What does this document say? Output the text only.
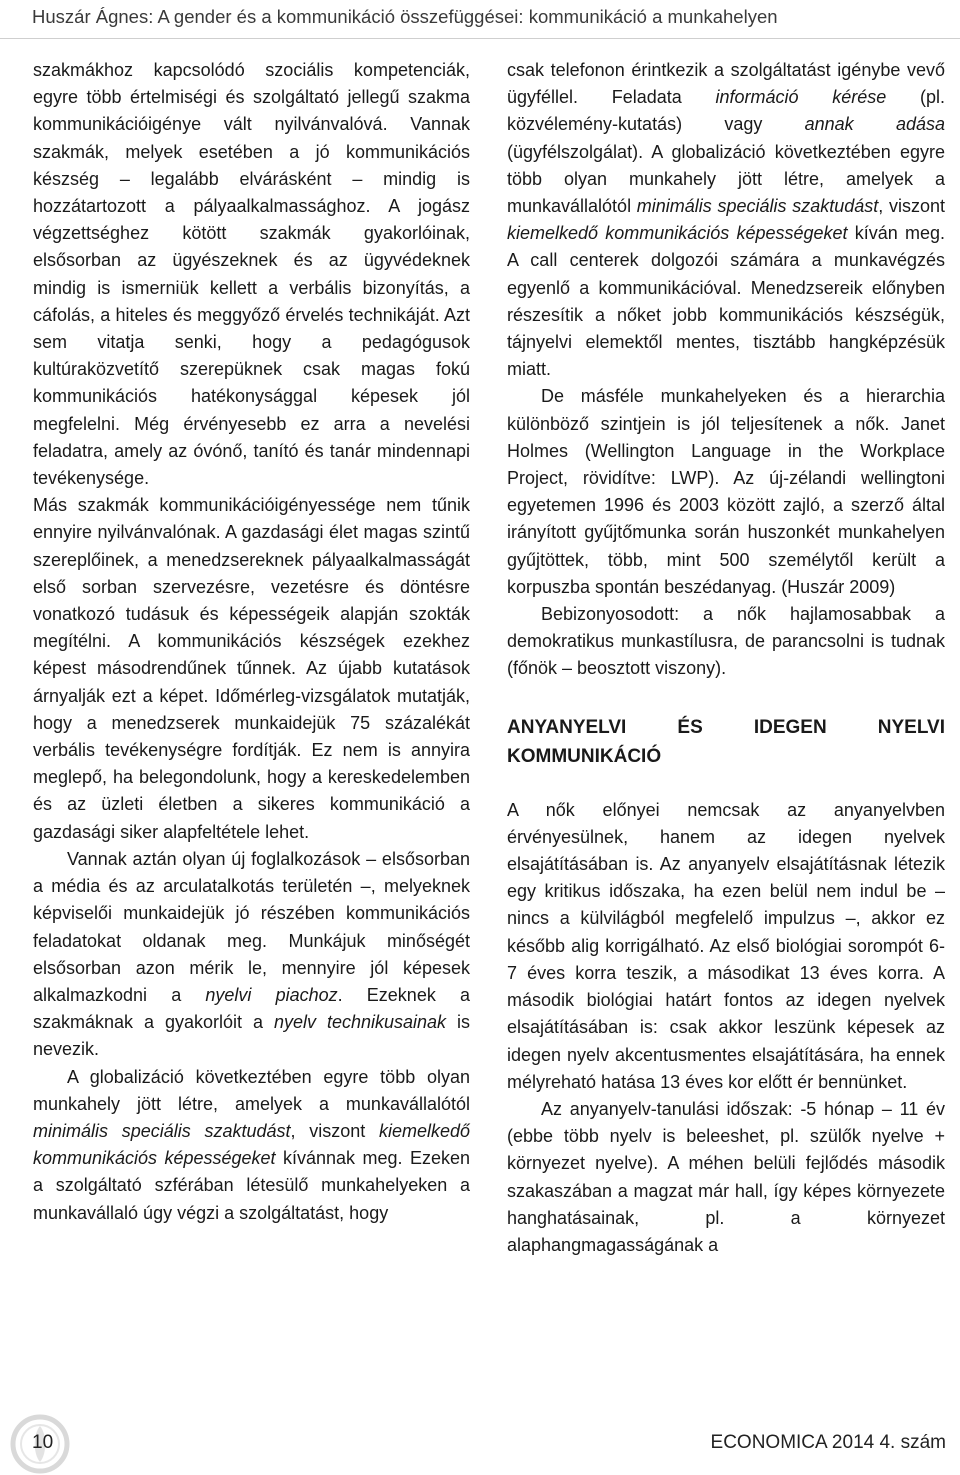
Huszár Ágnes: A gender és a kommunikáció összefüggései: kommunikáció a munkahelyen

szakmákhoz kapcsolódó szociális kompetenciák, egyre több értelmiségi és szolgáltató jellegű szakma kommunikációigénye vált nyilvánvalóvá. Vannak szakmák, melyek esetében a jó kommunikációs készség – legalább elvárásként – mindig is hozzátartozott a pályaalkalmassághoz. A jogász végzettséghez kötött szakmák gyakorlóinak, elsősorban az ügyészeknek és az ügyvédeknek mindig is ismerniük kellett a verbális bizonyítás, a cáfolás, a hiteles és meggyőző érvelés technikáját. Azt sem vitatja senki, hogy a pedagógusok kultúraközvetítő szerepüknek csak magas fokú kommunikációs hatékonysággal képesek jól megfelelni. Még érvényesebb ez arra a nevelési feladatra, amely az óvónő, tanító és tanár mindennapi tevékenysége.

Más szakmák kommunikációigényessége nem tűnik ennyire nyilvánvalónak. A gazdasági élet magas szintű szereplőinek, a menedzsereknek pályaalkalmasságát első sorban szervezésre, vezetésre és döntésre vonatkozó tudásuk és képességeik alapján szokták megítélni. A kommunikációs készségek ezekhez képest másodrendűnek tűnnek. Az újabb kutatások árnyalják ezt a képet. Időmérleg-vizsgálatok mutatják, hogy a menedzserek munkaidejük 75 százalékát verbális tevékenységre fordítják. Ez nem is annyira meglepő, ha belegondolunk, hogy a kereskedelemben és az üzleti életben a sikeres kommunikáció a gazdasági siker alapfeltétele lehet.

Vannak aztán olyan új foglalkozások – elsősorban a média és az arculatalkotás területén –, melyeknek képviselői munkaidejük jó részében kommunikációs feladatokat oldanak meg. Munkájuk minőségét elsősorban azon mérik le, mennyire jól képesek alkalmazkodni a nyelvi piachoz. Ezeknek a szakmáknak a gyakorlóit a nyelv technikusainak is nevezik.

A globalizáció következtében egyre több olyan munkahely jött létre, amelyek a munkavállalótól minimális speciális szaktudást, viszont kiemelkedő kommunikációs képességeket kívánnak meg. Ezeken a szolgáltató szférában létesülő munkahelyeken a munkavállaló úgy végzi a szolgáltatást, hogy

csak telefonon érintkezik a szolgáltatást igénybe vevő ügyféllel. Feladata információ kérése (pl. közvélemény-kutatás) vagy annak adása (ügyfélszolgálat). A globalizáció következtében egyre több olyan munkahely jött létre, amelyek a munkavállalótól minimális speciális szaktudást, viszont kiemelkedő kommunikációs képességeket kíván meg. A call centerek dolgozói számára a munkavégzés egyenlő a kommunikációval. Menedzsereik előnyben részesítik a nőket jobb kommunikációs készségük, tájnyelvi elemektől mentes, tisztább hangképzésük miatt.

De másféle munkahelyeken és a hierarchia különböző szintjein is jól teljesítenek a nők. Janet Holmes (Wellington Language in the Workplace Project, rövidítve: LWP). Az új-zélandi wellingtoni egyetemen 1996 és 2003 között zajló, a szerző által irányított gyűjtőmunka során huszonkét munkahelyen gyűjtöttek, több, mint 500 személytől került a korpuszba spontán beszédanyag. (Huszár 2009)

Bebizonyosodott: a nők hajlamosabbak a demokratikus munkastílusra, de parancsolni is tudnak (főnök – beosztott viszony).

ANYANYELVI ÉS IDEGEN NYELVI KOMMUNIKÁCIÓ

A nők előnyei nemcsak az anyanyelvben érvényesülnek, hanem az idegen nyelvek elsajátításában is. Az anyanyelv elsajátításnak létezik egy kritikus időszaka, ha ezen belül nem indul be – nincs a külvilágból megfelelő impulzus –, akkor ez később alig korrigálható. Az első biológiai sorompót 6-7 éves korra teszik, a másodikat 13 éves korra. A második biológiai határt fontos az idegen nyelvek elsajátításában is: csak akkor leszünk képesek az idegen nyelv akcentusmentes elsajátítására, ha ennek mélyreható hatása 13 éves kor előtt ér bennünket.

Az anyanyelv-tanulási időszak: -5 hónap – 11 év (ebbe több nyelv is beleeshet, pl. szülők nyelve + környezet nyelve). A méhen belüli fejlődés második szakaszában a magzat már hall, így képes környezete hanghatásainak, pl. a környezet alaphangmagasságának a

10	ECONOMICA 2014 4. szám
